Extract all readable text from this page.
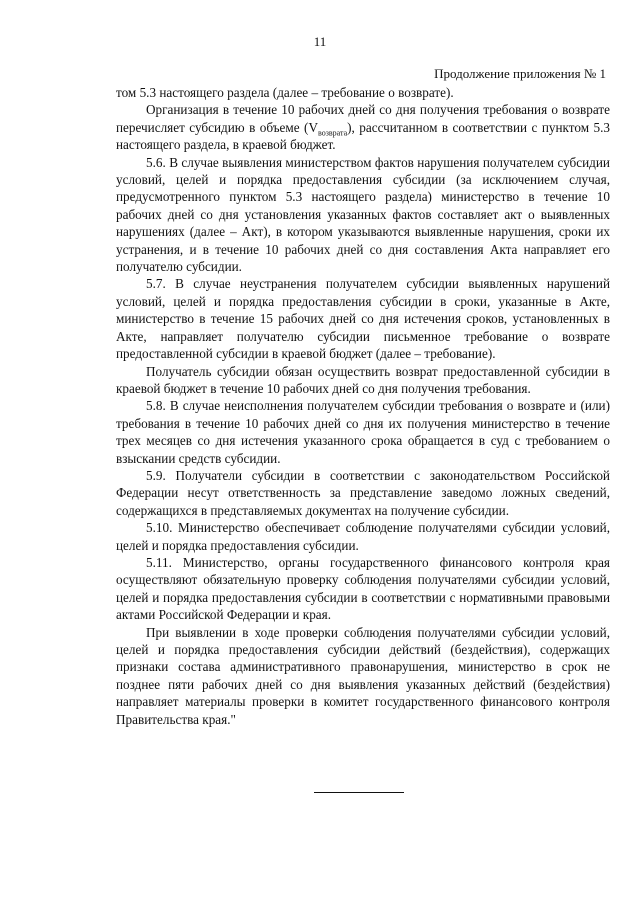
11
Продолжение приложения № 1

том 5.3 настоящего раздела (далее – требование о возврате).

Организация в течение 10 рабочих дней со дня получения требования о возврате перечисляет субсидию в объеме $(V_{возврата})$, рассчитанном в соответствии с пунктом 5.3 настоящего раздела, в краевой бюджет.

5.6. В случае выявления министерством фактов нарушения получателем субсидии условий, целей и порядка предоставления субсидии (за исключением случая, предусмотренного пунктом 5.3 настоящего раздела) министерство в течение 10 рабочих дней со дня установления указанных фактов составляет акт о выявленных нарушениях (далее – Акт), в котором указываются выявленные нарушения, сроки их устранения, и в течение 10 рабочих дней со дня составления Акта направляет его получателю субсидии.

5.7. В случае неустранения получателем субсидии выявленных нарушений условий, целей и порядка предоставления субсидии в сроки, указанные в Акте, министерство в течение 15 рабочих дней со дня истечения сроков, установленных в Акте, направляет получателю субсидии письменное требование о возврате предоставленной субсидии в краевой бюджет (далее – требование).

Получатель субсидии обязан осуществить возврат предоставленной субсидии в краевой бюджет в течение 10 рабочих дней со дня получения требования.

5.8. В случае неисполнения получателем субсидии требования о возврате и (или) требования в течение 10 рабочих дней со дня их получения министерство в течение трех месяцев со дня истечения указанного срока обращается в суд с требованием о взыскании средств субсидии.

5.9. Получатели субсидии в соответствии с законодательством Российской Федерации несут ответственность за представление заведомо ложных сведений, содержащихся в представляемых документах на получение субсидии.

5.10. Министерство обеспечивает соблюдение получателями субсидии условий, целей и порядка предоставления субсидии.

5.11. Министерство, органы государственного финансового контроля края осуществляют обязательную проверку соблюдения получателями субсидии условий, целей и порядка предоставления субсидии в соответствии с нормативными правовыми актами Российской Федерации и края.

При выявлении в ходе проверки соблюдения получателями субсидии условий, целей и порядка предоставления субсидии действий (бездействия), содержащих признаки состава административного правонарушения, министерство в срок не позднее пяти рабочих дней со дня выявления указанных действий (бездействия) направляет материалы проверки в комитет государственного финансового контроля Правительства края."
